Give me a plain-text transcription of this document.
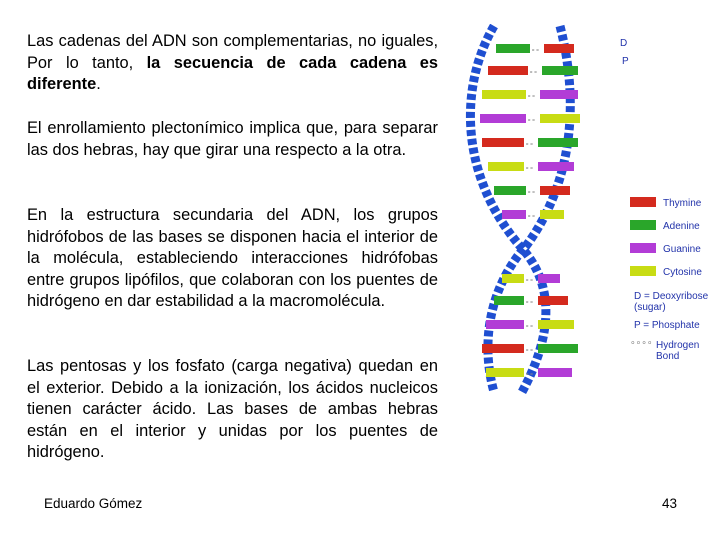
Las cadenas del ADN son complementarias, no iguales, Por lo tanto, la secuencia de cada cadena es diferente.

El enrollamiento plectonímico implica que, para separar las dos hebras, hay que girar una respecto a la otra.

En la estructura secundaria del ADN, los grupos hidrófobos de las bases se disponen hacia el interior de la molécula, estableciendo interacciones hidrófobas entre grupos lipófilos, que colaboran con los puentes de hidrógeno en dar estabilidad a la macromolécula.

Las pentosas y los fosfato (carga negativa) quedan en el exterior. Debido a la ionización, los ácidos nucleicos tienen carácter ácido. Las bases de ambas hebras están en el interior y unidas por los puentes de hidrógeno.

∘∘
∘∘
∘∘
∘∘
∘∘
∘∘
∘∘
∘∘
∘∘
∘∘
∘∘
∘∘
∘∘
D
P
Thymine
Adenine
Guanine
Cytosine
D = Deoxyribose
(sugar)
P = Phosphate
∘∘∘∘ Hydrogen
Bond
Eduardo Gómez	43
